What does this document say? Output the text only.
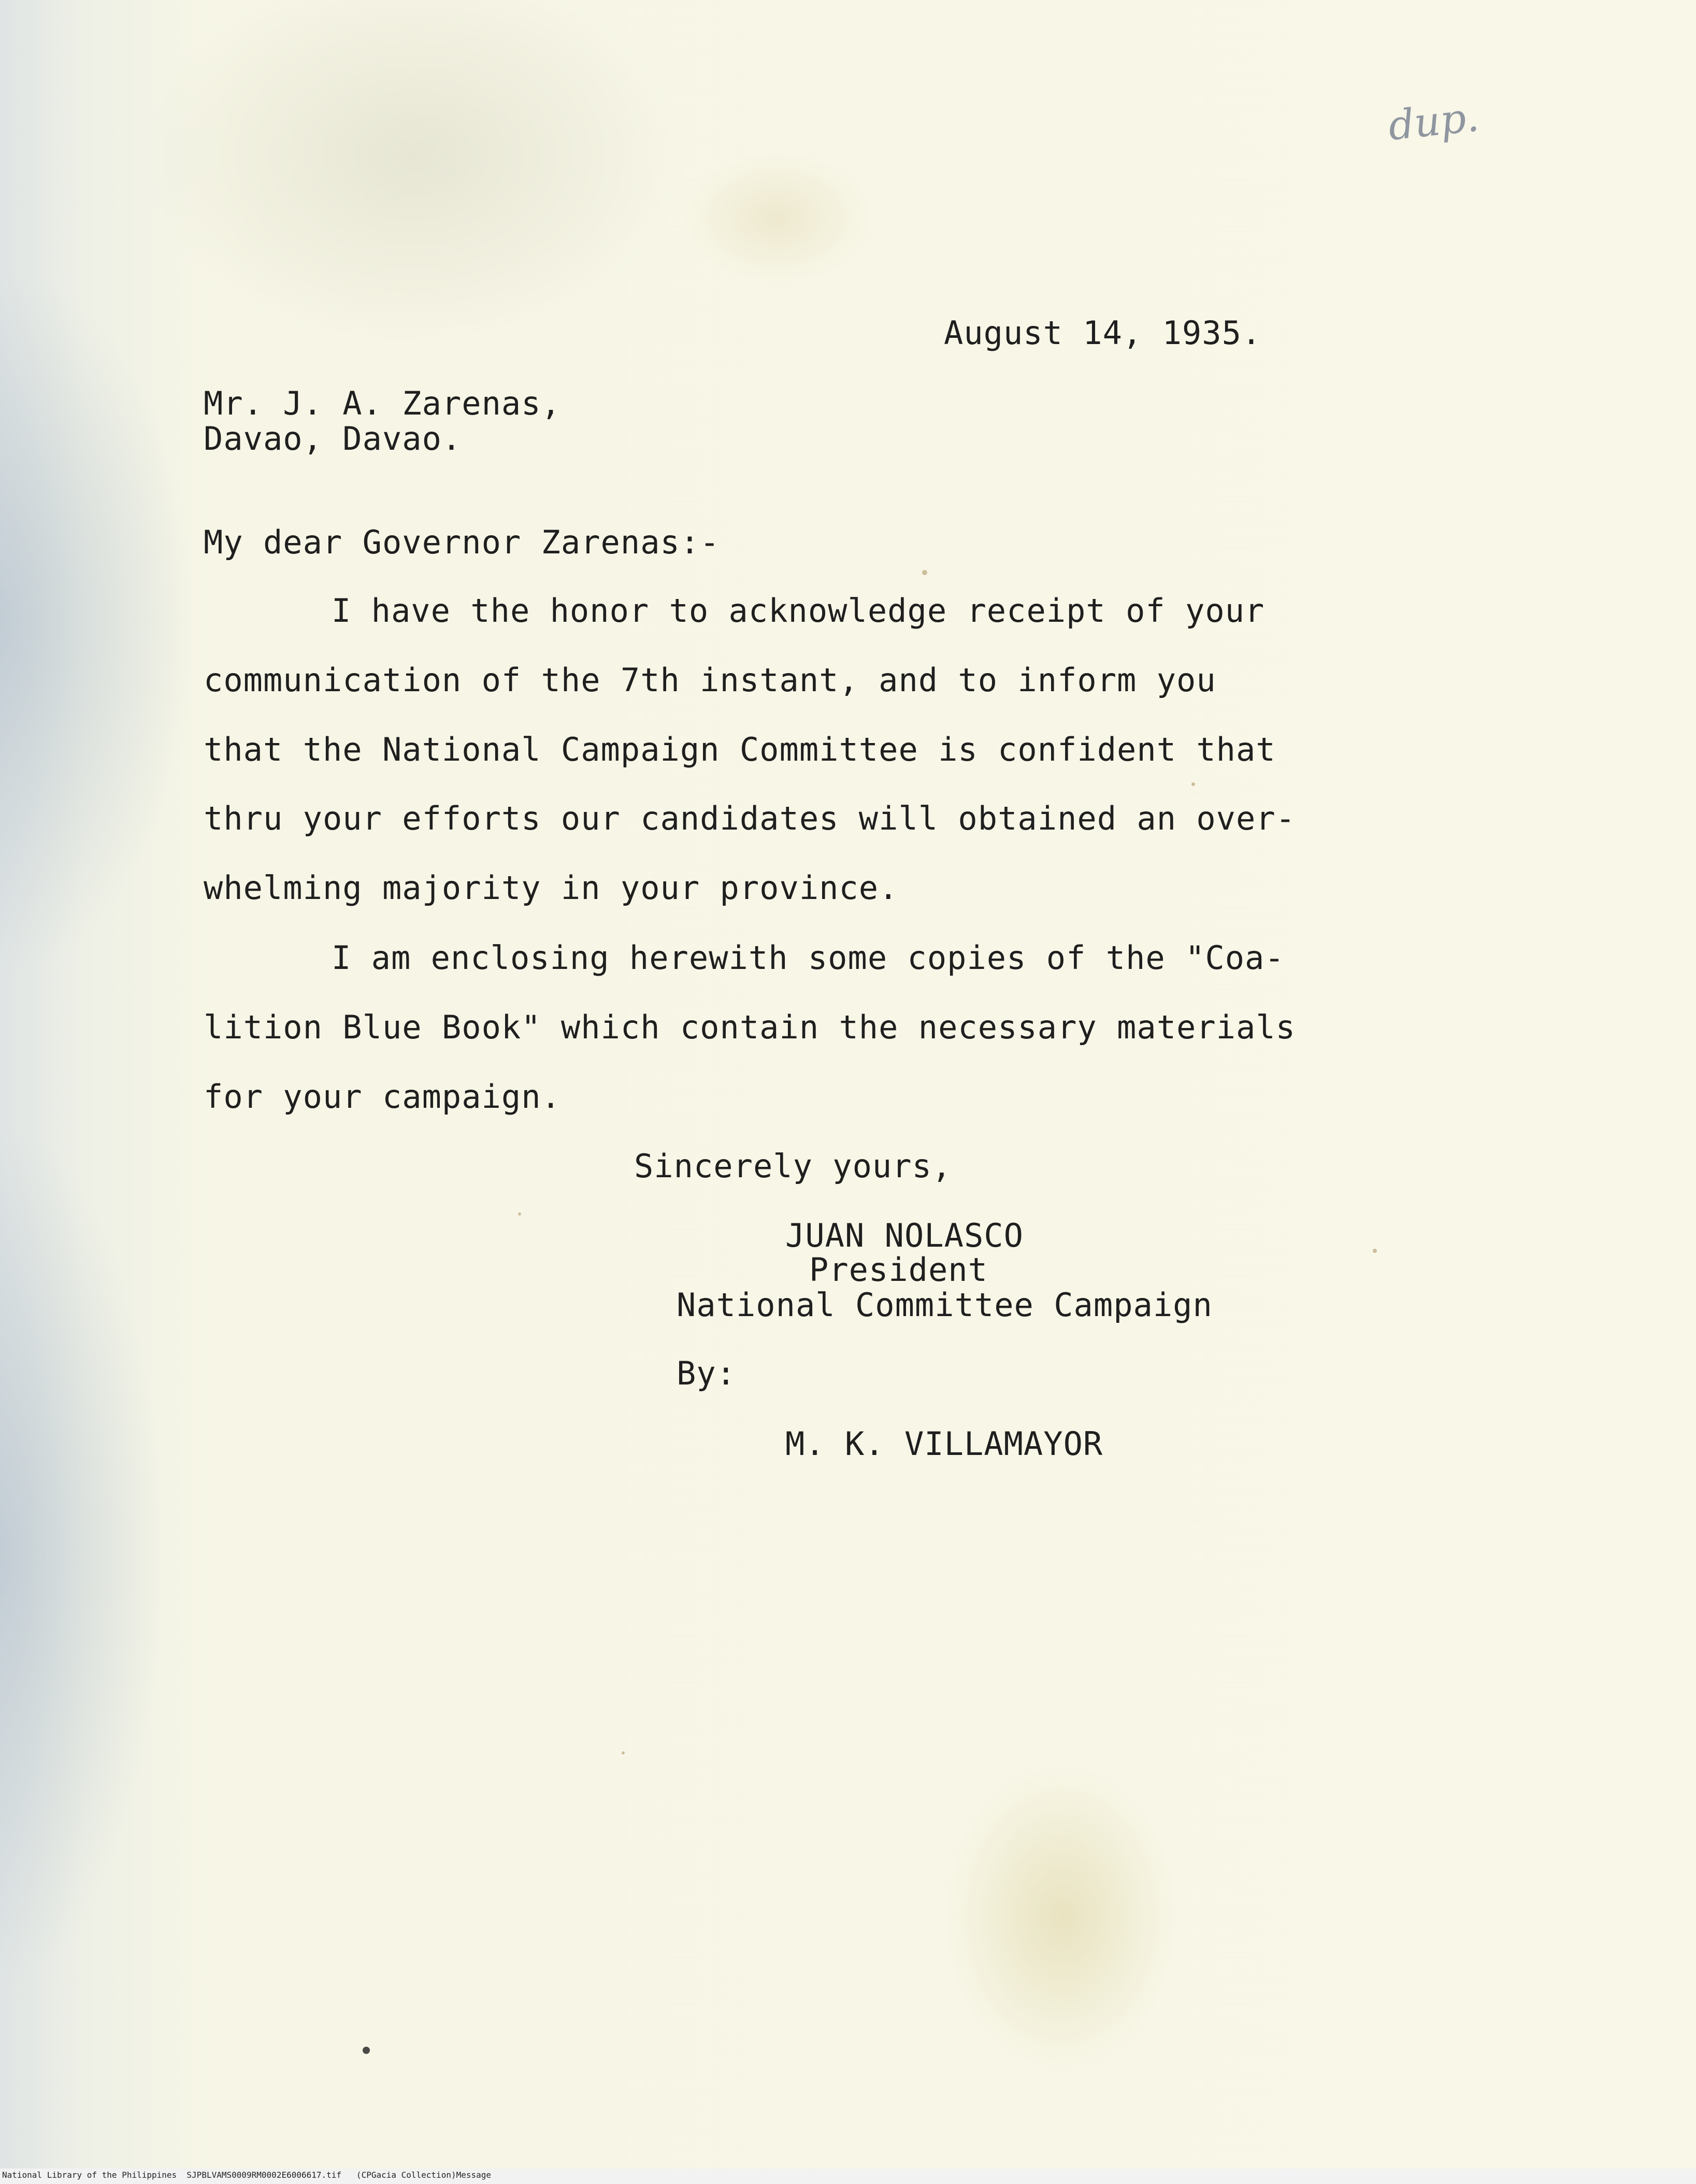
dup.
August 14, 1935.
Mr. J. A. Zarenas,
Davao, Davao.
My dear Governor Zarenas:-
I have the honor to acknowledge receipt of your
communication of the 7th instant, and to inform you
that the National Campaign Committee is confident that
thru your efforts our candidates will obtained an over-
whelming majority in your province.
I am enclosing herewith some copies of the "Coa-
lition Blue Book" which contain the necessary materials
for your campaign.
Sincerely yours,
JUAN NOLASCO
President
National Committee Campaign
By:
M. K. VILLAMAYOR
National Library of the Philippines  SJPBLVAMS0009RM0002E6006617.tif   (CPGacia Collection)Message
